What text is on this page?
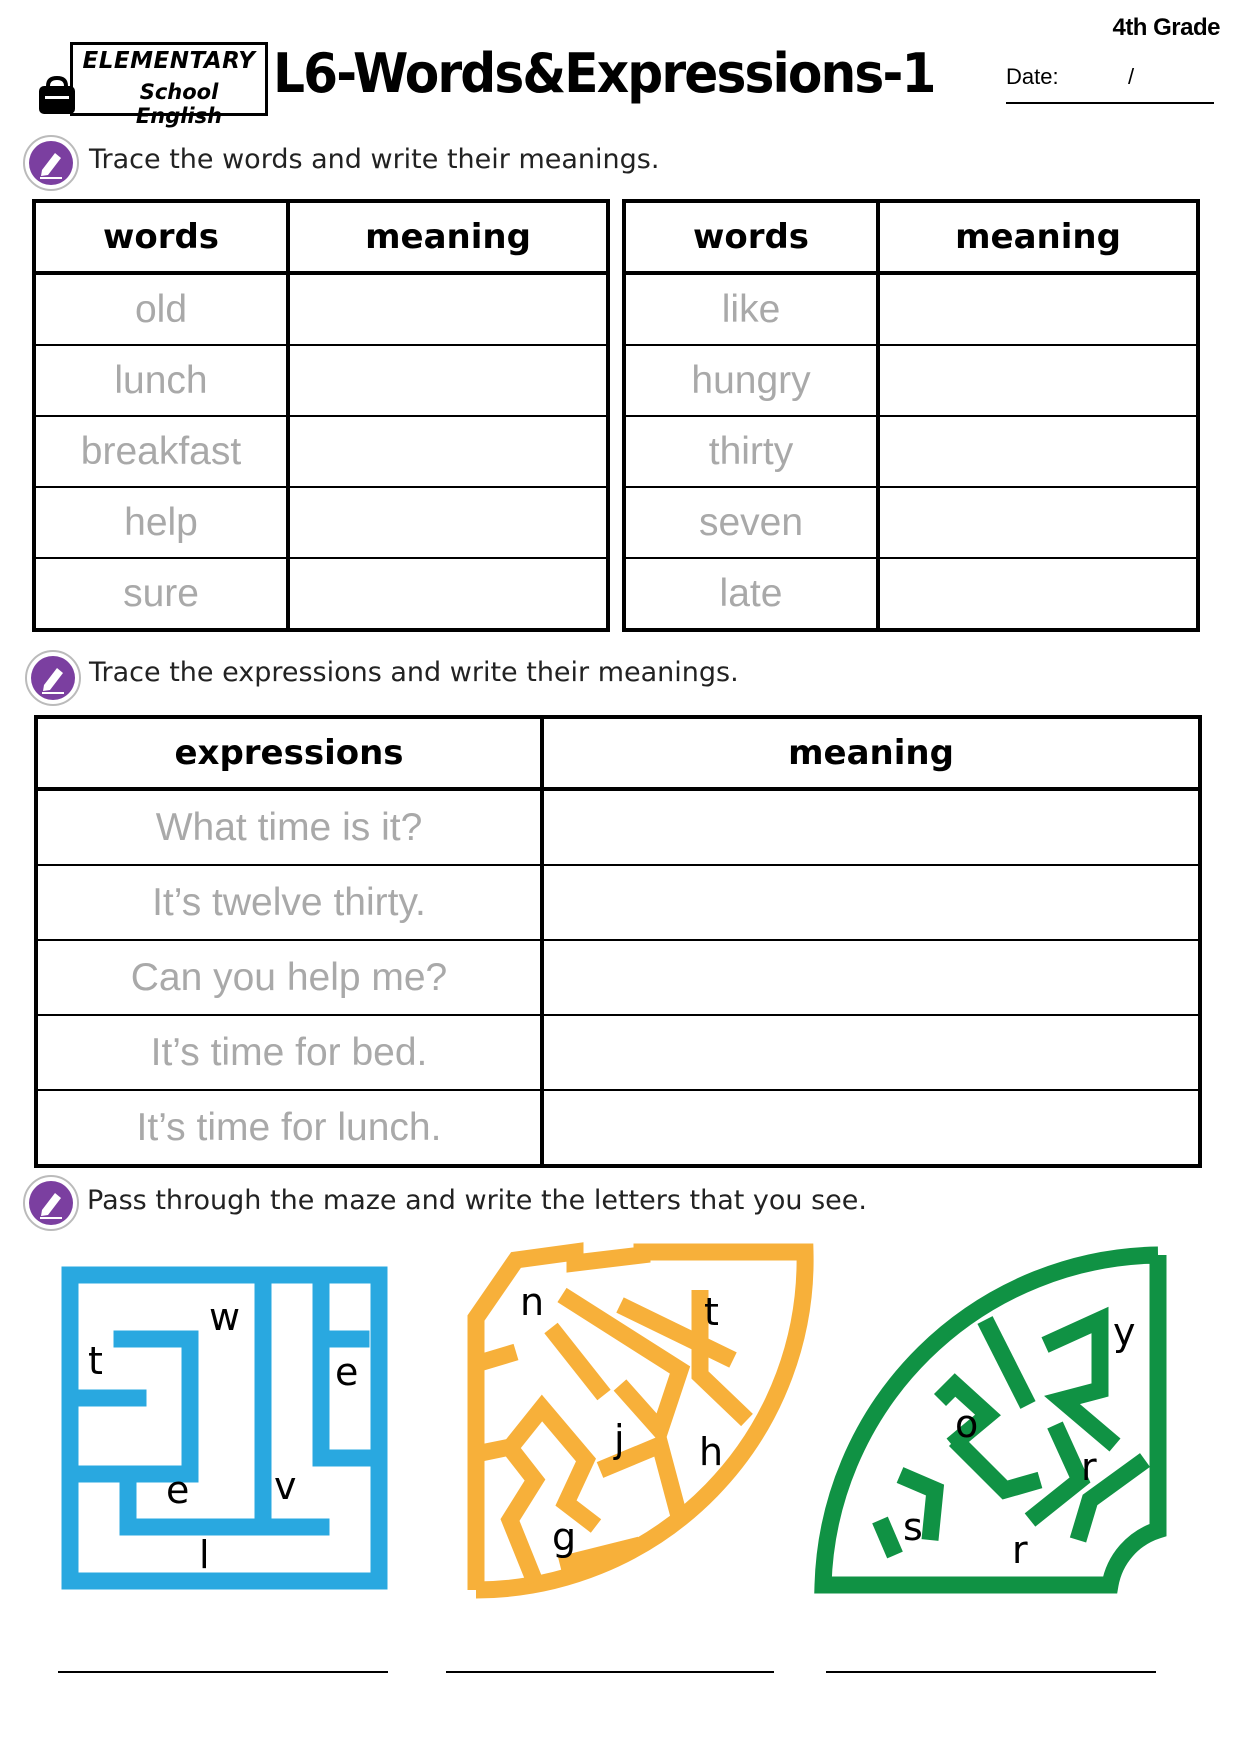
4th Grade
ELEMENTARY
School English
L6-Words&Expressions-1	Date:	/
Trace the words and write their meanings.
words	meaning
old	
lunch	
breakfast	
help	
sure	
words	meaning
like	
hungry	
thirty	
seven	
late	
Trace the expressions and write their meanings.
expressions	meaning
What time is it?	
It’s twelve thirty.	
Can you help me?	
It’s time for bed.	
It’s time for lunch.	
Pass through the maze and write the letters that you see.
t
w
e
e v
l
n	t
j h
g
y
o
r
s
r
